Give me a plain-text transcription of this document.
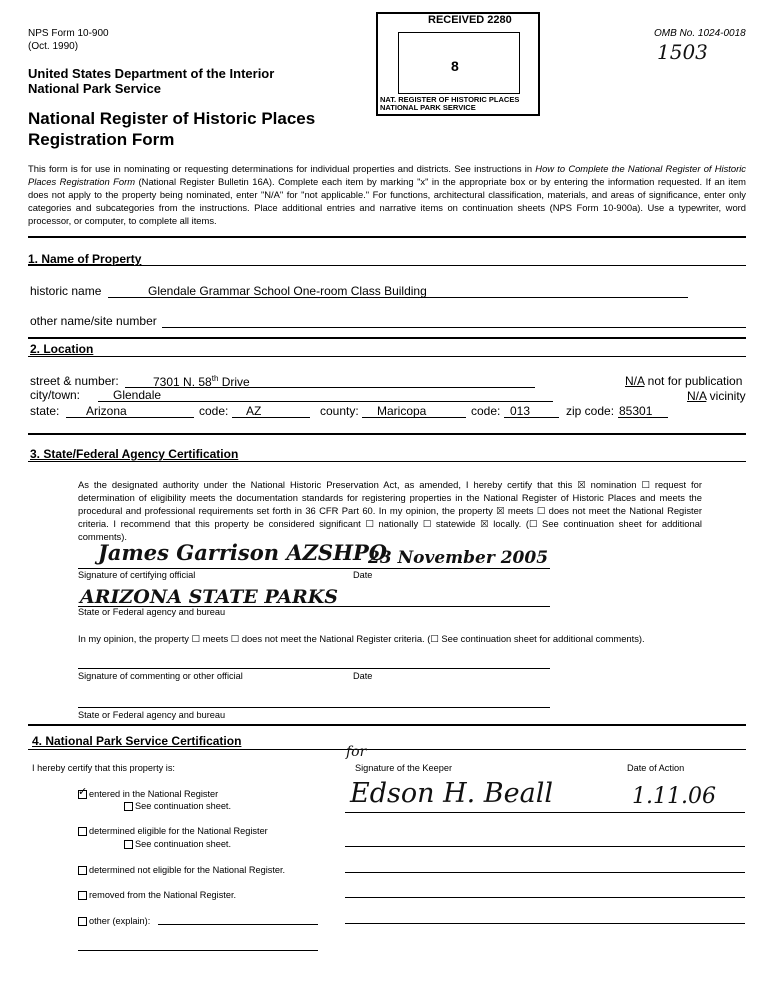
NPS Form 10-900
(Oct. 1990)
OMB No. 1024-0018
1503
United States Department of the Interior
National Park Service
National Register of Historic Places
Registration Form
RECEIVED 2280
8
NAT. REGISTER OF HISTORIC PLACES NATIONAL PARK SERVICE
This form is for use in nominating or requesting determinations for individual properties and districts. See instructions in How to Complete the National Register of Historic Places Registration Form (National Register Bulletin 16A). Complete each item by marking "x" in the appropriate box or by entering the information requested. If an item does not apply to the property being nominated, enter "N/A" for "not applicable." For functions, architectural classification, materials, and areas of significance, enter only categories and subcategories from the instructions. Place additional entries and narrative items on continuation sheets (NPS Form 10-900a). Use a typewriter, word processor, or computer, to complete all items.
1. Name of Property
historic name	Glendale Grammar School One-room Class Building
other name/site number
2. Location
street & number:	7301 N. 58th Drive	N/A not for publication
city/town:	Glendale	N/A vicinity
state: Arizona	code: AZ	county: Maricopa	code: 013	zip code: 85301
3. State/Federal Agency Certification
As the designated authority under the National Historic Preservation Act, as amended, I hereby certify that this ☒ nomination ☐ request for determination of eligibility meets the documentation standards for registering properties in the National Register of Historic Places and meets the procedural and professional requirements set forth in 36 CFR Part 60. In my opinion, the property ☒ meets ☐ does not meet the National Register criteria. I recommend that this property be considered significant ☐ nationally ☐ statewide ☒ locally. (☐ See continuation sheet for additional comments).
James Garrison AZSHPO
23 November 2005
Signature of certifying official	Date
ARIZONA STATE PARKS
State or Federal agency and bureau
In my opinion, the property ☐ meets ☐ does not meet the National Register criteria. (☐ See continuation sheet for additional comments).
Signature of commenting or other official	Date
State or Federal agency and bureau
4. National Park Service Certification
I hereby certify that this property is:
for
Signature of the Keeper	Date of Action
Edson H. Beall	1.11.06
✓ entered in the National Register
See continuation sheet.
determined eligible for the National Register
See continuation sheet.
determined not eligible for the National Register.
removed from the National Register.
other (explain):
